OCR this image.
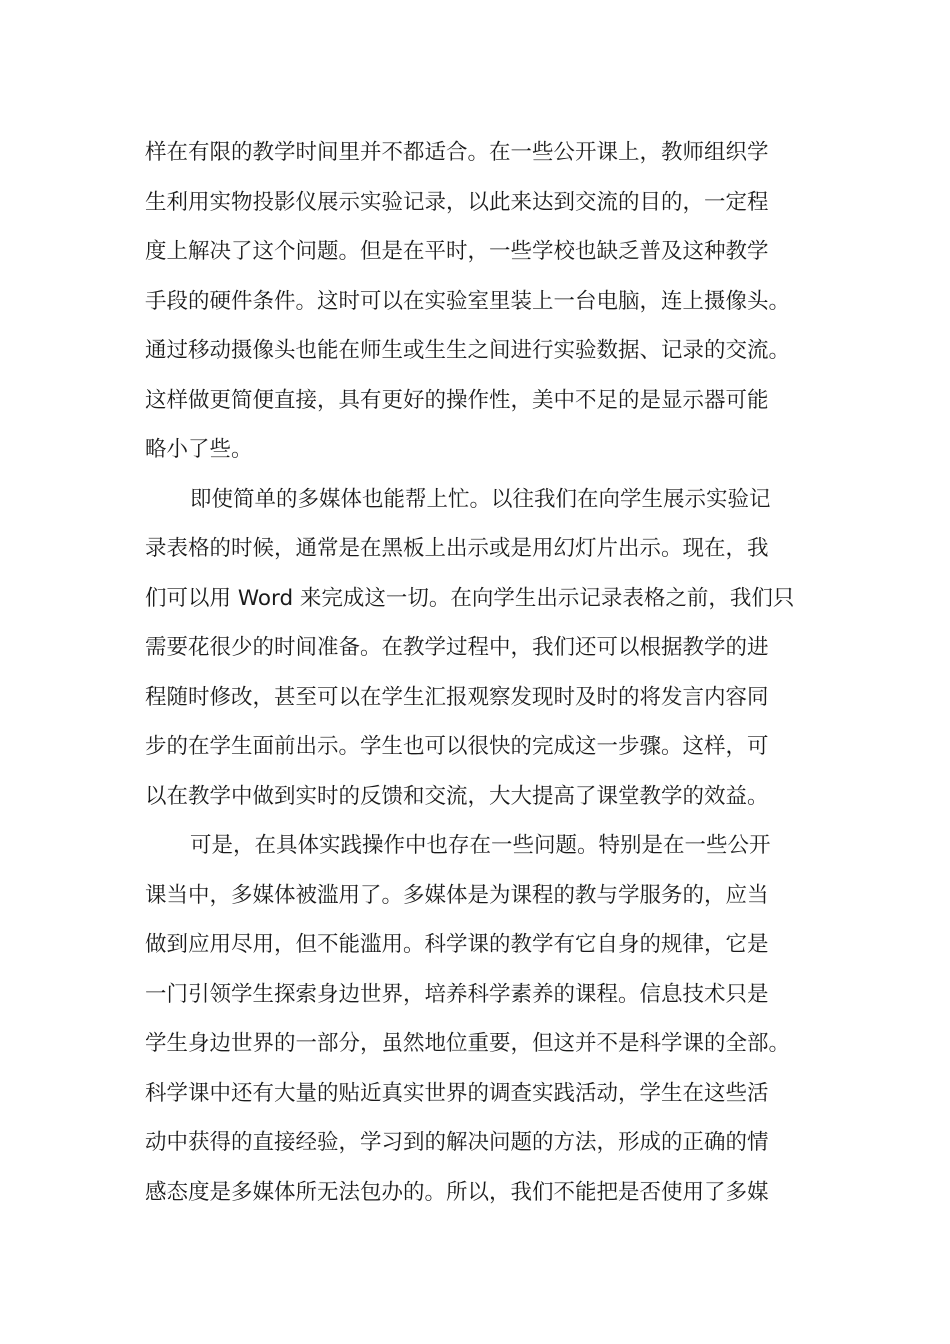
样在有限的教学时间里并不都适合。在一些公开课上，教师组织学
生利用实物投影仪展示实验记录，以此来达到交流的目的，一定程
度上解决了这个问题。但是在平时，一些学校也缺乏普及这种教学
手段的硬件条件。这时可以在实验室里装上一台电脑，连上摄像头。
通过移动摄像头也能在师生或生生之间进行实验数据、记录的交流。
这样做更简便直接，具有更好的操作性，美中不足的是显示器可能
略小了些。
即使简单的多媒体也能帮上忙。以往我们在向学生展示实验记
录表格的时候，通常是在黑板上出示或是用幻灯片出示。现在，我
们可以用 Word 来完成这一切。在向学生出示记录表格之前，我们只
需要花很少的时间准备。在教学过程中，我们还可以根据教学的进
程随时修改，甚至可以在学生汇报观察发现时及时的将发言内容同
步的在学生面前出示。学生也可以很快的完成这一步骤。这样，可
以在教学中做到实时的反馈和交流，大大提高了课堂教学的效益。
可是，在具体实践操作中也存在一些问题。特别是在一些公开
课当中，多媒体被滥用了。多媒体是为课程的教与学服务的，应当
做到应用尽用，但不能滥用。科学课的教学有它自身的规律，它是
一门引领学生探索身边世界，培养科学素养的课程。信息技术只是
学生身边世界的一部分，虽然地位重要，但这并不是科学课的全部。
科学课中还有大量的贴近真实世界的调查实践活动，学生在这些活
动中获得的直接经验，学习到的解决问题的方法，形成的正确的情
感态度是多媒体所无法包办的。所以，我们不能把是否使用了多媒
